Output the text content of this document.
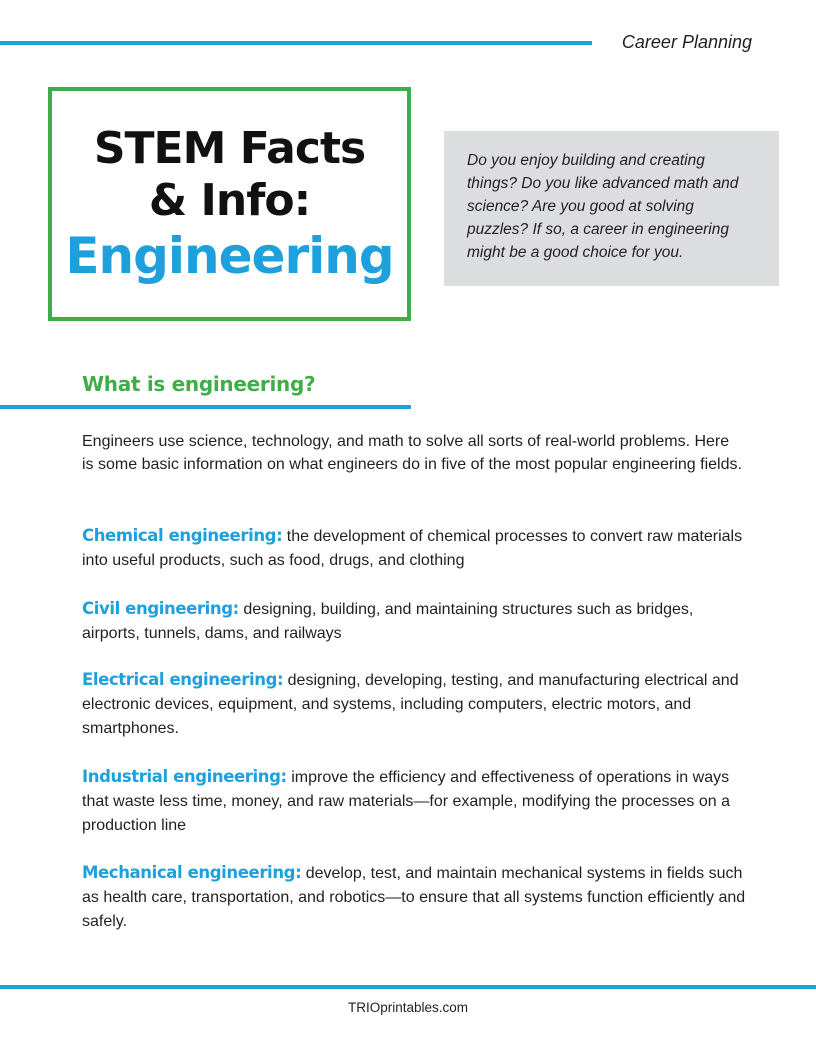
Career Planning
STEM Facts
& Info:
Engineering
Do you enjoy building and creating things? Do you like advanced math and science? Are you good at solving puzzles? If so, a career in engineering might be a good choice for you.
What is engineering?

Engineers use science, technology, and math to solve all sorts of real-world problems. Here is some basic information on what engineers do in five of the most popular engineering fields.

Chemical engineering: the development of chemical processes to convert raw materials into useful products, such as food, drugs, and clothing

Civil engineering: designing, building, and maintaining structures such as bridges, airports, tunnels, dams, and railways

Electrical engineering: designing, developing, testing, and manufacturing electrical and electronic devices, equipment, and systems, including computers, electric motors, and smartphones.

Industrial engineering: improve the efficiency and effectiveness of operations in ways that waste less time, money, and raw materials—for example, modifying the processes on a production line

Mechanical engineering: develop, test, and maintain mechanical systems in fields such as health care, transportation, and robotics—to ensure that all systems function efficiently and safely.

TRIOprintables.com
